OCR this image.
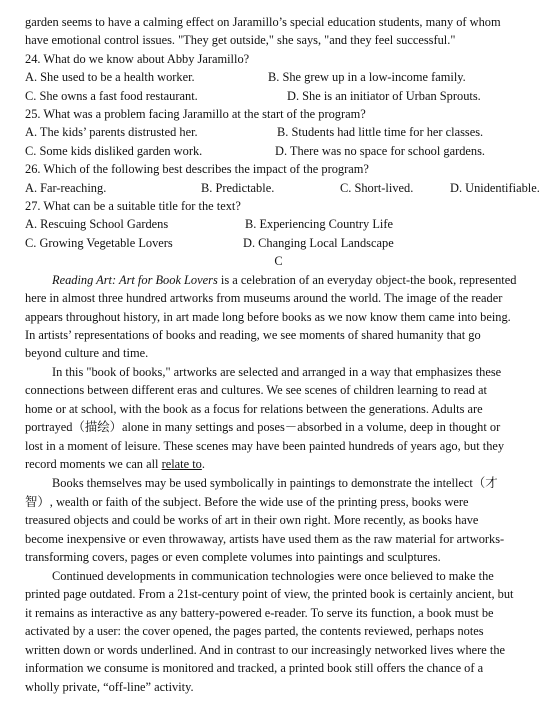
garden seems to have a calming effect on Jaramillo’s special education students, many of whom
have emotional control issues. "They get outside," she says, "and they feel successful."
24. What do we know about Abby Jaramillo?
A. She used to be a health worker.	B. She grew up in a low-income family.
C. She owns a fast food restaurant.	D. She is an initiator of Urban Sprouts.
25. What was a problem facing Jaramillo at the start of the program?
A. The kids’ parents distrusted her.	B. Students had little time for her classes.
C. Some kids disliked garden work.	D. There was no space for school gardens.
26. Which of the following best describes the impact of the program?
A. Far-reaching.	B. Predictable.	C. Short-lived.	D. Unidentifiable.
27. What can be a suitable title for the text?
A. Rescuing School Gardens	B. Experiencing Country Life
C. Growing Vegetable Lovers	D. Changing Local Landscape
C
Reading Art: Art for Book Lovers is a celebration of an everyday object-the book, represented
here in almost three hundred artworks from museums around the world. The image of the reader
appears throughout history, in art made long before books as we now know them came into being.
In artists’ representations of books and reading, we see moments of shared humanity that go
beyond culture and time.
In this "book of books," artworks are selected and arranged in a way that emphasizes these
connections between different eras and cultures. We see scenes of children learning to read at
home or at school, with the book as a focus for relations between the generations. Adults are
portrayed（描绘）alone in many settings and poses－absorbed in a volume, deep in thought or
lost in a moment of leisure. These scenes may have been painted hundreds of years ago, but they
record moments we can all relate to.
Books themselves may be used symbolically in paintings to demonstrate the intellect（才
智）, wealth or faith of the subject. Before the wide use of the printing press, books were
treasured objects and could be works of art in their own right. More recently, as books have
become inexpensive or even throwaway, artists have used them as the raw material for artworks-
transforming covers, pages or even complete volumes into paintings and sculptures.
Continued developments in communication technologies were once believed to make the
printed page outdated. From a 21st-century point of view, the printed book is certainly ancient, but
it remains as interactive as any battery-powered e-reader. To serve its function, a book must be
activated by a user: the cover opened, the pages parted, the contents reviewed, perhaps notes
written down or words underlined. And in contrast to our increasingly networked lives where the
information we consume is monitored and tracked, a printed book still offers the chance of a
wholly private, “off-line” activity.
